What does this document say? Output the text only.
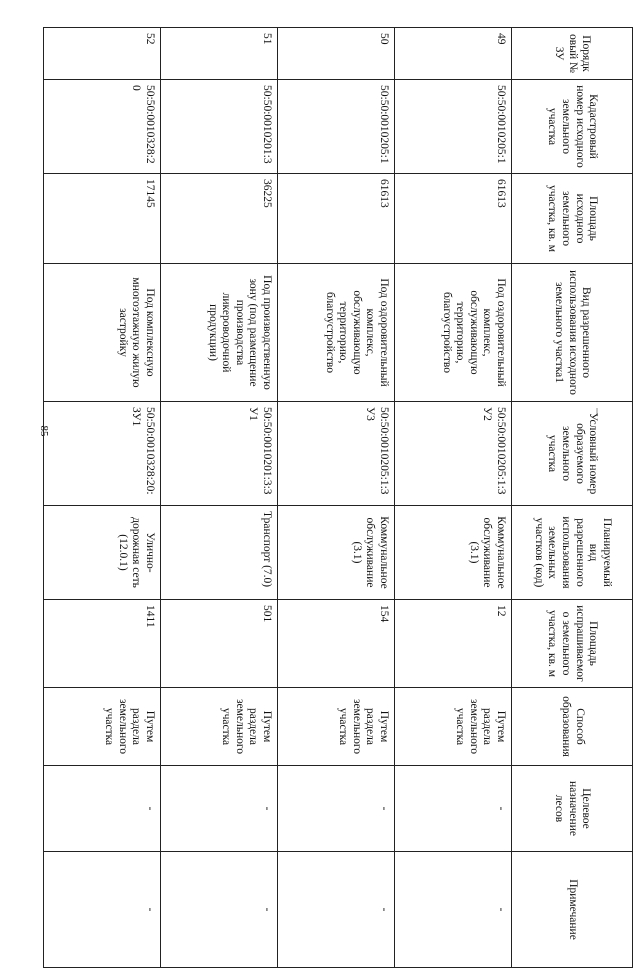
85
Порядковый № ЗУ	Кадастровый номер исходного земельного участка	Площадь исходного земельного участка, кв. м	Вид разрешенного использования исходного земельного участка1	Условный номер образуемого земельного участка	Планируемый вид разрешенного использования земельных участков (код)	Площадь испрашиваемого земельного участка, кв. м	Способ образования	Целевое назначение лесов	Примечание
49	50:50:0010205:1	61613	Под оздоровительный комплекс, обслуживающую территорию, благоустройство	50:50:0010205:1:ЗУ2	Коммунальное обслуживание (3.1)	12	Путем раздела земельного участка	-	-
50	50:50:0010205:1	61613	Под оздоровительный комплекс, обслуживающую территорию, благоустройство	50:50:0010205:1:ЗУ3	Коммунальное обслуживание (3.1)	154	Путем раздела земельного участка	-	-
51	50:50:0010201:3	36225	Под производственную зону (под размещение производства ликероводочной продукции)	50:50:0010201:3:ЗУ1	Транспорт (7.0)	501	Путем раздела земельного участка	-	-
52	50:50:0010328:20	17145	Под комплексную многоэтажную жилую застройку	50:50:0010328:20:ЗУ1	Улично-дорожная сеть (12.0.1)	1411	Путем раздела земельного участка	-	-
